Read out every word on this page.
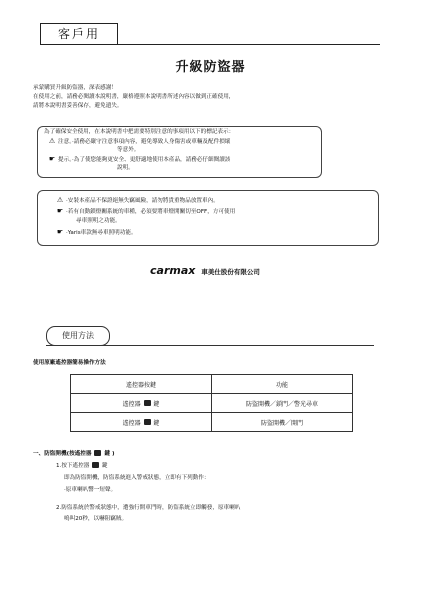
客戶用
升級防盜器
承蒙購買升級防盜器，深表感謝！
在使用之前，請務必閱讀本說明書，嚴格遵照本說明書所述內容以做到正確使用，
請將本說明書妥善保存，避免遺失。
為了確保安全使用，在本說明書中把需要特別注意的事項用以下的標記表示：
⚠ 注意。‧請務必嚴守注意事項內容，避免導致人身傷害或車輛及配件損壞
等意外。
☛ 提示。‧為了使您能夠更安全、更舒適地使用本產品，請務必仔細閱讀該
說明。
⚠ ‧安裝本產品不保證絕無失竊風險，請勿將貴重物品放置車內。
☛ ‧若有自動鎖燈關系統的車種，必須要將車燈開關切至OFF，方可使用
尋車照明之功能。
☛ ‧Yaris車款無尋車照明功能。
carmax 車美仕股份有限公司
使用方法
使用原廠遙控器簡易操作方法
遙控器按鍵	功能
遙控器 鍵	防盜開機／鎖門／警光尋車
遙控器 鍵	防盜開機／開門
一、防盜開機(按遙控器 鍵 )
1.按下遙控器 鍵
即為防盜開機，防盜系統進入警戒狀態，立即有下列動作：
‧原車喇叭響一短聲。
2.防盜系統於警戒狀態中，遭強行開車門時，防盜系統立即觸發，原車喇叭
鳴叫20秒，以嚇阻竊賊。
